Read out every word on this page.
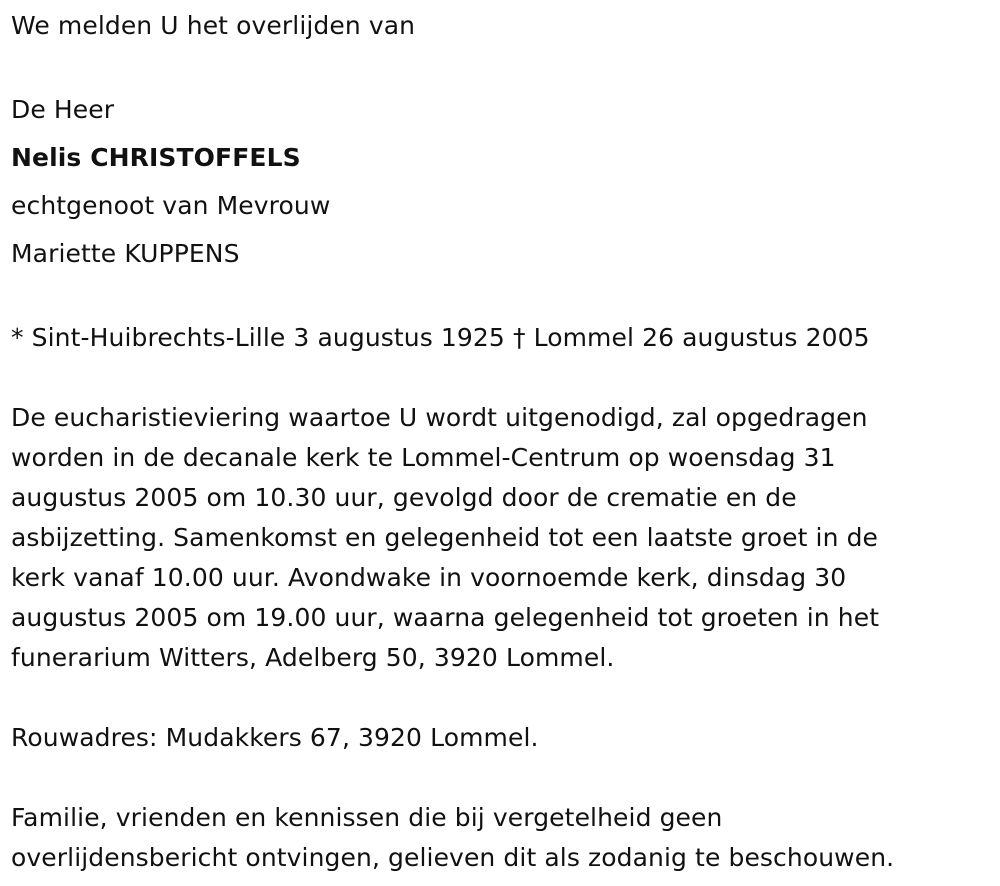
We melden U het overlijden van
De Heer
Nelis CHRISTOFFELS
echtgenoot van Mevrouw
Mariette KUPPENS
* Sint-Huibrechts-Lille 3 augustus 1925 † Lommel 26 augustus 2005
De eucharistieviering waartoe U wordt uitgenodigd, zal opgedragen
worden in de decanale kerk te Lommel-Centrum op woensdag 31
augustus 2005 om 10.30 uur, gevolgd door de crematie en de
asbijzetting. Samenkomst en gelegenheid tot een laatste groet in de
kerk vanaf 10.00 uur. Avondwake in voornoemde kerk, dinsdag 30
augustus 2005 om 19.00 uur, waarna gelegenheid tot groeten in het
funerarium Witters, Adelberg 50, 3920 Lommel.
Rouwadres: Mudakkers 67, 3920 Lommel.
Familie, vrienden en kennissen die bij vergetelheid geen
overlijdensbericht ontvingen, gelieven dit als zodanig te beschouwen.
